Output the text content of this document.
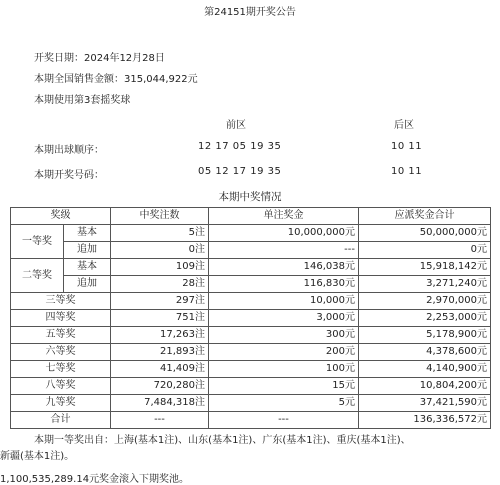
第24151期开奖公告
开奖日期：2024年12月28日
本期全国销售金额：315,044,922元
本期使用第3套摇奖球
前区	后区
本期出球顺序：	12 17 05 19 35	10 11
本期开奖号码：	05 12 17 19 35	10 11
本期中奖情况
奖级		中奖注数	单注奖金	应派奖金合计
一等奖	基本	5注	10,000,000元	50,000,000元
	追加	0注	---	0元
二等奖	基本	109注	146,038元	15,918,142元
	追加	28注	116,830元	3,271,240元
三等奖		297注	10,000元	2,970,000元
四等奖		751注	3,000元	2,253,000元
五等奖		17,263注	300元	5,178,900元
六等奖		21,893注	200元	4,378,600元
七等奖		41,409注	100元	4,140,900元
八等奖		720,280注	15元	10,804,200元
九等奖		7,484,318注	5元	37,421,590元
合计		---	---	136,336,572元
本期一等奖出自：上海(基本1注)、山东(基本1注)、广东(基本1注)、重庆(基本1注)、
新疆(基本1注)。
1,100,535,289.14元奖金滚入下期奖池。
